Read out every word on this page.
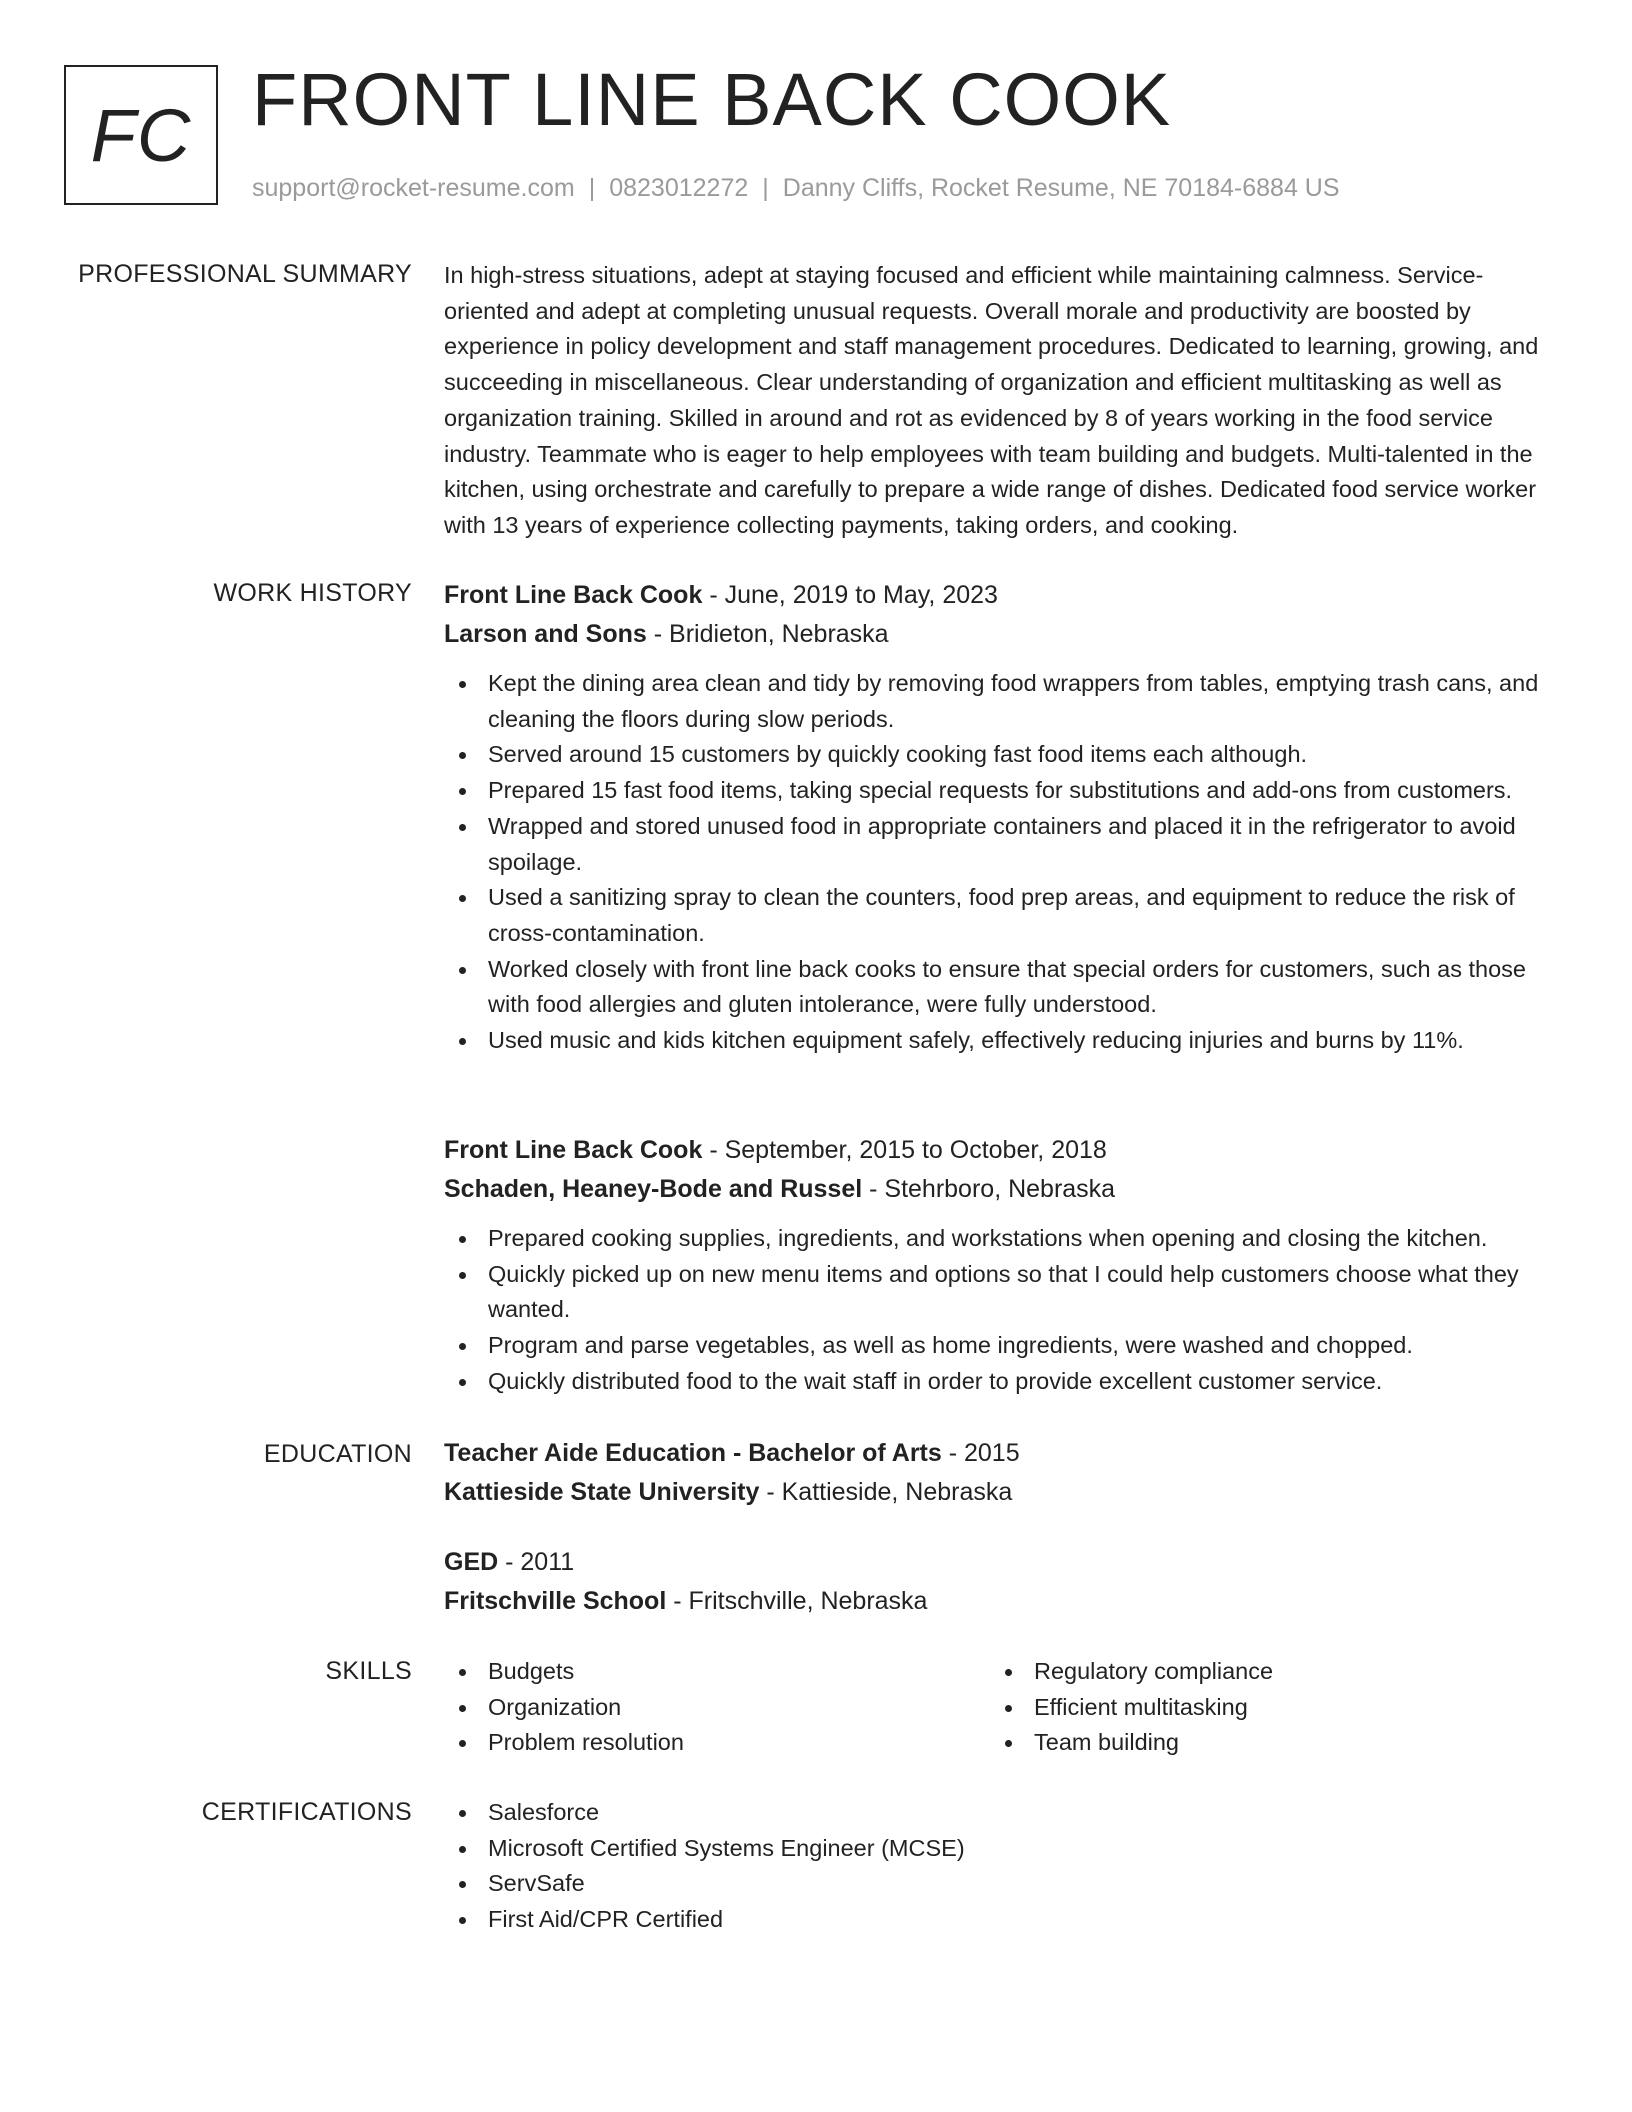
FC FRONT LINE BACK COOK
support@rocket-resume.com | 0823012272 | Danny Cliffs, Rocket Resume, NE 70184-6884 US
PROFESSIONAL SUMMARY In high-stress situations, adept at staying focused and efficient while maintaining calmness. Service-oriented and adept at completing unusual requests. Overall morale and productivity are boosted by experience in policy development and staff management procedures. Dedicated to learning, growing, and succeeding in miscellaneous. Clear understanding of organization and efficient multitasking as well as organization training. Skilled in around and rot as evidenced by 8 of years working in the food service industry. Teammate who is eager to help employees with team building and budgets. Multi-talented in the kitchen, using orchestrate and carefully to prepare a wide range of dishes. Dedicated food service worker with 13 years of experience collecting payments, taking orders, and cooking.

WORK HISTORY Front Line Back Cook - June, 2019 to May, 2023
Larson and Sons - Bridieton, Nebraska
Kept the dining area clean and tidy by removing food wrappers from tables, emptying trash cans, and cleaning the floors during slow periods.
Served around 15 customers by quickly cooking fast food items each although.
Prepared 15 fast food items, taking special requests for substitutions and add-ons from customers.
Wrapped and stored unused food in appropriate containers and placed it in the refrigerator to avoid spoilage.
Used a sanitizing spray to clean the counters, food prep areas, and equipment to reduce the risk of cross-contamination.
Worked closely with front line back cooks to ensure that special orders for customers, such as those with food allergies and gluten intolerance, were fully understood.
Used music and kids kitchen equipment safely, effectively reducing injuries and burns by 11%.
Front Line Back Cook - September, 2015 to October, 2018
Schaden, Heaney-Bode and Russel - Stehrboro, Nebraska
Prepared cooking supplies, ingredients, and workstations when opening and closing the kitchen.
Quickly picked up on new menu items and options so that I could help customers choose what they wanted.
Program and parse vegetables, as well as home ingredients, were washed and chopped.
Quickly distributed food to the wait staff in order to provide excellent customer service.
EDUCATION Teacher Aide Education - Bachelor of Arts - 2015
Kattieside State University - Kattieside, Nebraska
GED - 2011
Fritschville School - Fritschville, Nebraska
SKILLS	Budgets
Organization
Problem resolution
Regulatory compliance
Efficient multitasking
Team building
CERTIFICATIONS	Salesforce
Microsoft Certified Systems Engineer (MCSE)
ServSafe
First Aid/CPR Certified
